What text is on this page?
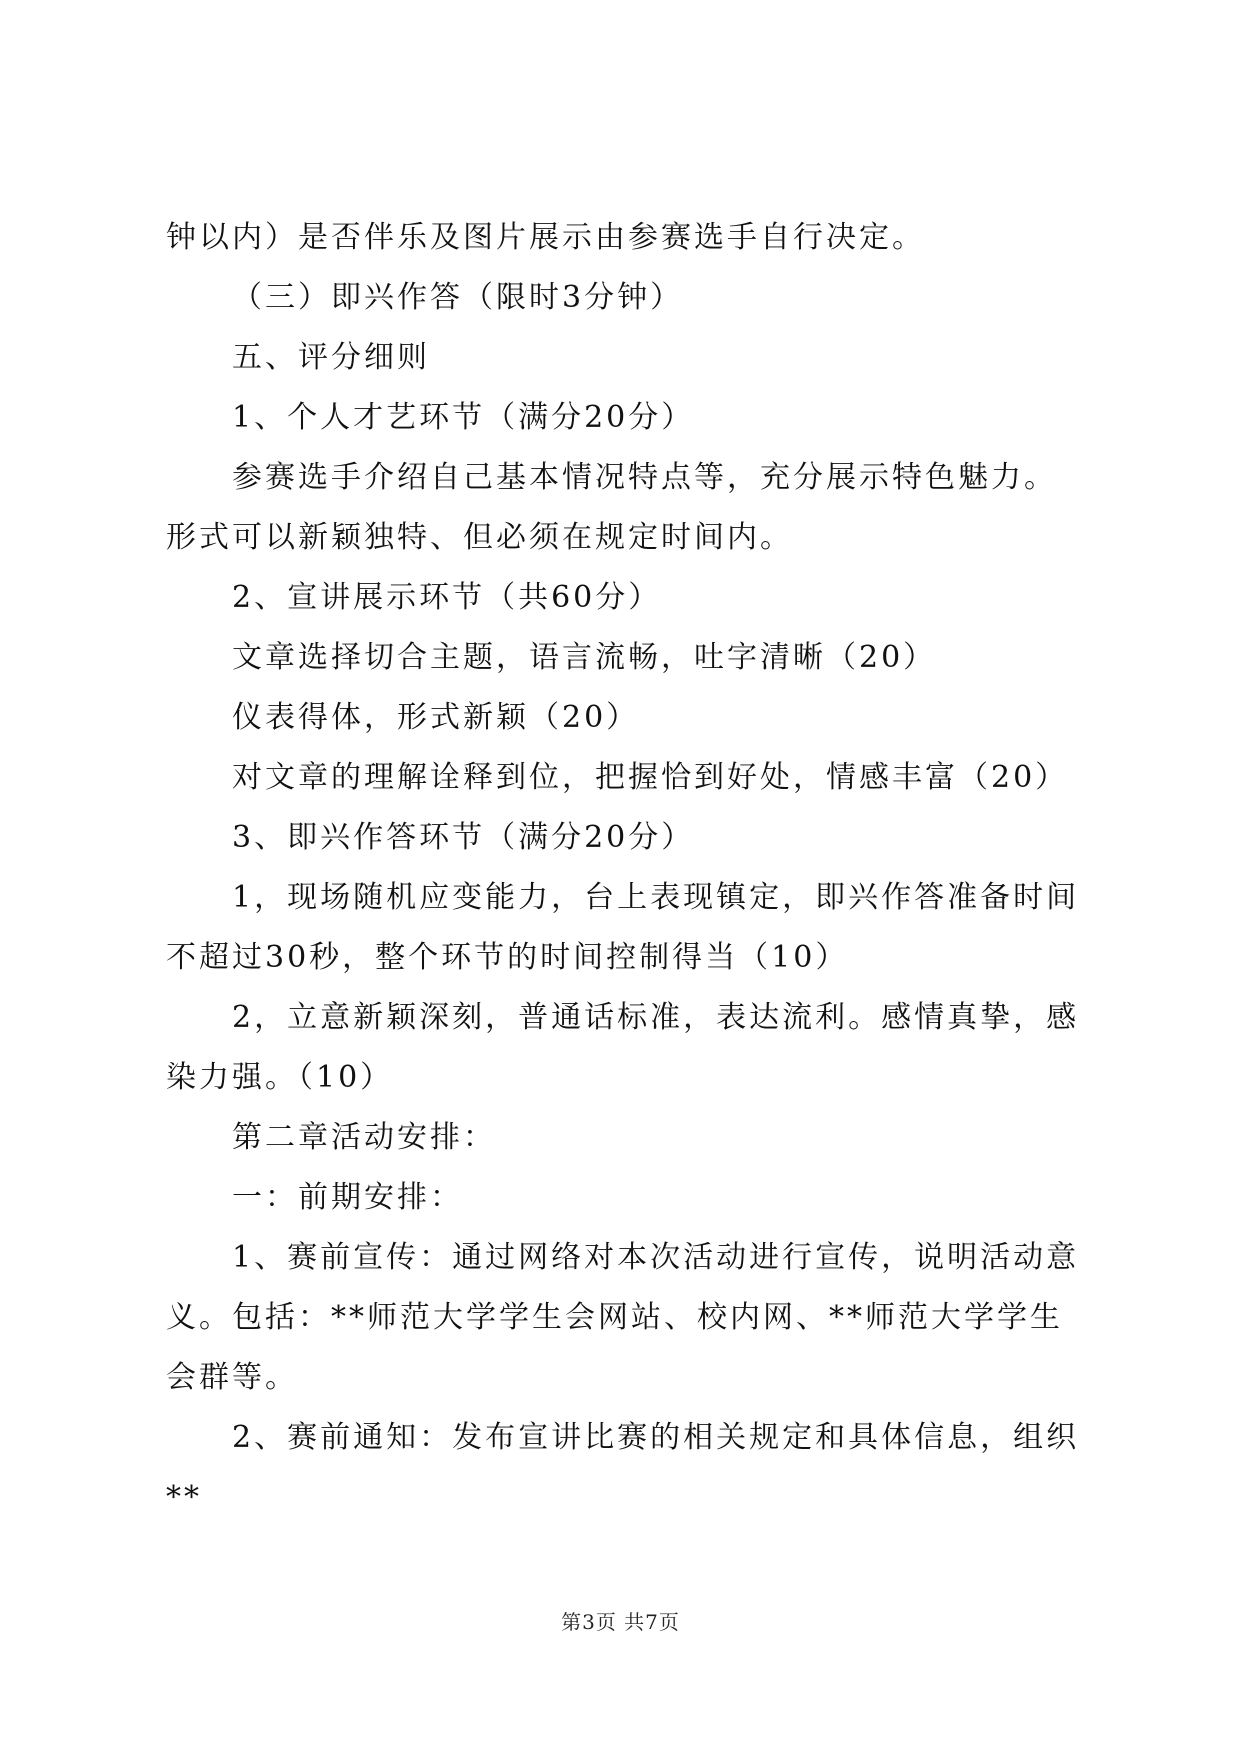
钟以内）是否伴乐及图片展示由参赛选手自行决定。

（三）即兴作答（限时3分钟）

五、评分细则

1、个人才艺环节（满分20分）

参赛选手介绍自己基本情况特点等，充分展示特色魅力。形式可以新颖独特、但必须在规定时间内。

2、宣讲展示环节（共60分）

文章选择切合主题，语言流畅，吐字清晰（20）

仪表得体，形式新颖（20）

对文章的理解诠释到位，把握恰到好处，情感丰富（20）

3、即兴作答环节（满分20分）

1，现场随机应变能力，台上表现镇定，即兴作答准备时间不超过30秒，整个环节的时间控制得当（10）

2，立意新颖深刻，普通话标准，表达流利。感情真挚，感染力强。（10）

第二章活动安排：

一：前期安排：

1、赛前宣传：通过网络对本次活动进行宣传，说明活动意义。包括：**师范大学学生会网站、校内网、**师范大学学生会群等。

2、赛前通知：发布宣讲比赛的相关规定和具体信息，组织**

第3页 共7页
